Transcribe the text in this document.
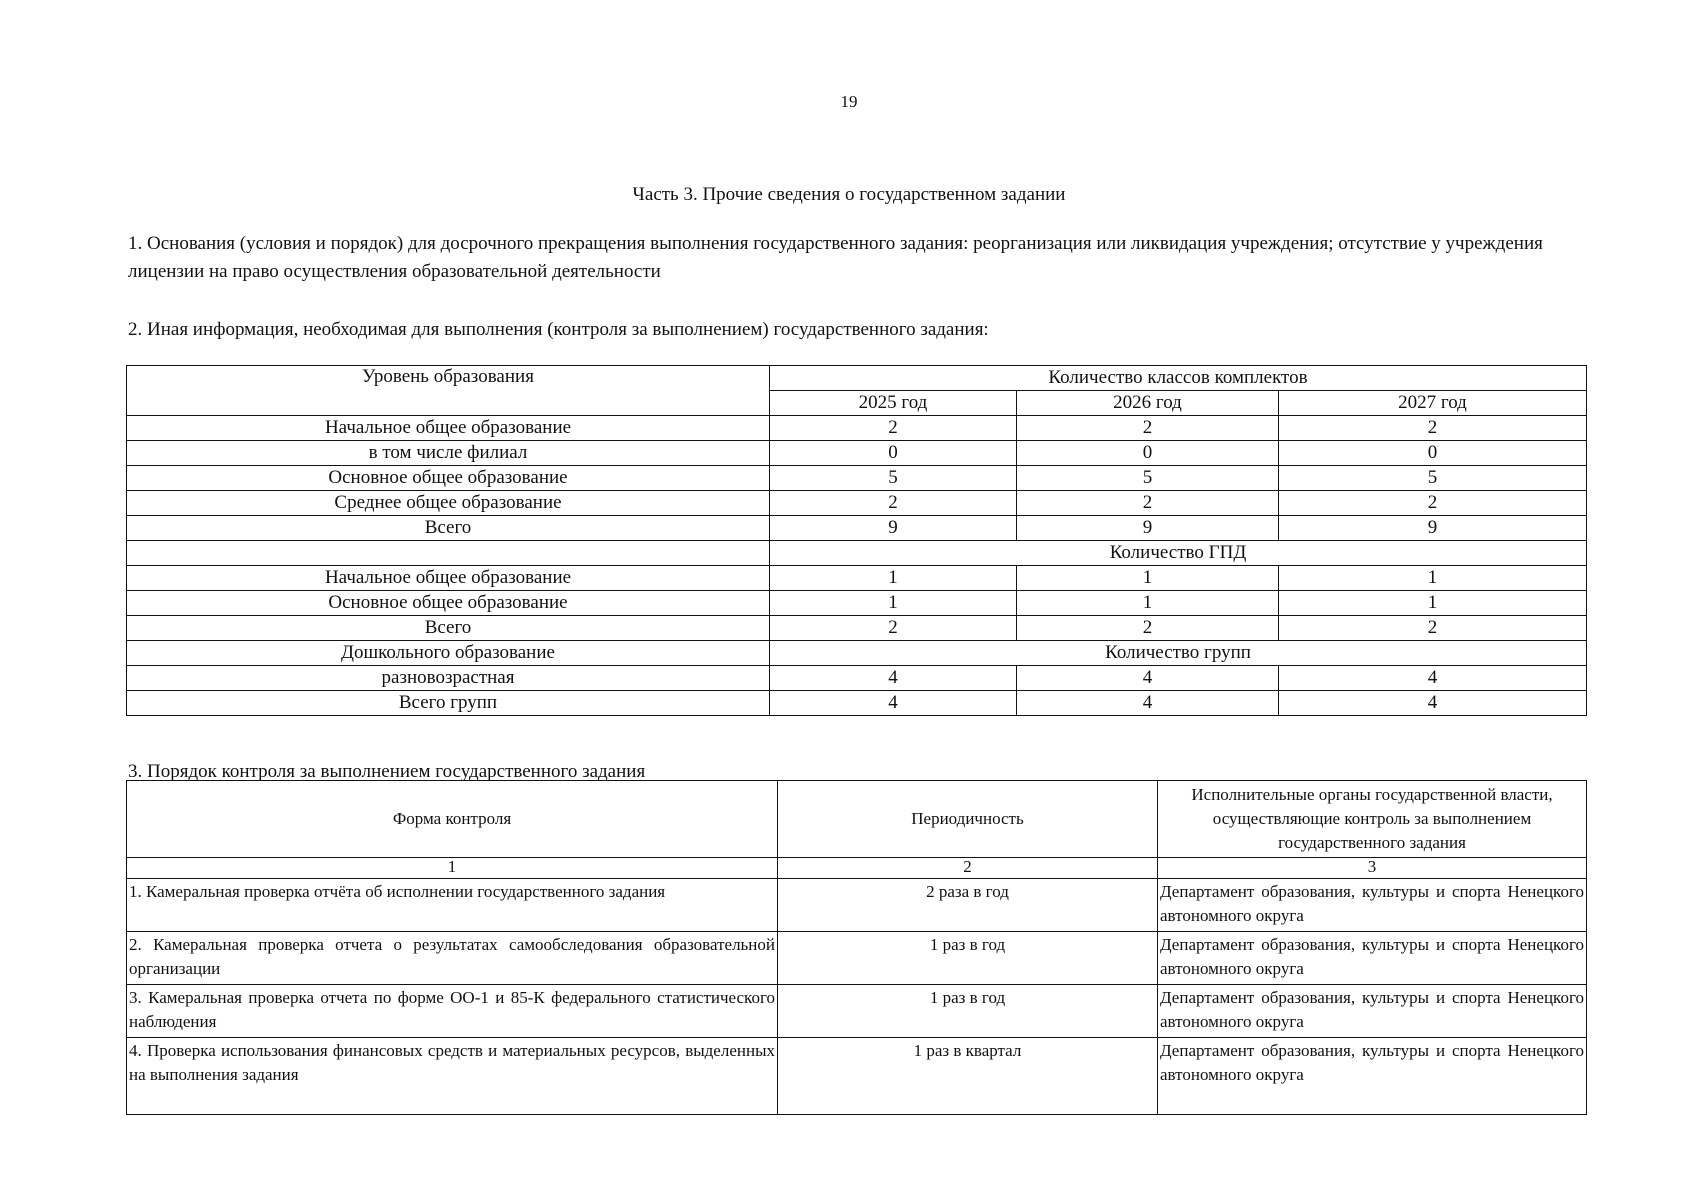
19
Часть 3. Прочие сведения о государственном задании
1. Основания (условия и порядок) для досрочного прекращения выполнения государственного задания: реорганизация или ликвидация учреждения; отсутствие у учреждения лицензии на право осуществления образовательной деятельности
2. Иная информация, необходимая для выполнения (контроля за выполнением) государственного задания:
Уровень образования	Количество классов комплектов		
	2025 год	2026 год	2027 год
Начальное общее образование	2	2	2
в том числе филиал	0	0	0
Основное общее образование	5	5	5
Среднее общее образование	2	2	2
Всего	9	9	9
	Количество ГПД		
Начальное общее образование	1	1	1
Основное общее образование	1	1	1
Всего	2	2	2
Дошкольного образование	Количество групп		
разновозрастная	4	4	4
Всего групп	4	4	4
3. Порядок контроля за выполнением государственного задания
Форма контроля	Периодичность	Исполнительные органы государственной власти, осуществляющие контроль за выполнением государственного задания
1	2	3
1. Камеральная проверка отчёта об исполнении государственного задания	2 раза в год	Департамент образования, культуры и спорта Ненецкого автономного округа
2. Камеральная проверка отчета о результатах самообследования образовательной организации	1 раз в год	Департамент образования, культуры и спорта Ненецкого автономного округа
3. Камеральная проверка отчета по форме ОО-1 и 85-К федерального статистического наблюдения	1 раз в год	Департамент образования, культуры и спорта Ненецкого автономного округа
4. Проверка использования финансовых средств и материальных ресурсов, выделенных на выполнения задания	1 раз в квартал	Департамент образования, культуры и спорта Ненецкого автономного округа
